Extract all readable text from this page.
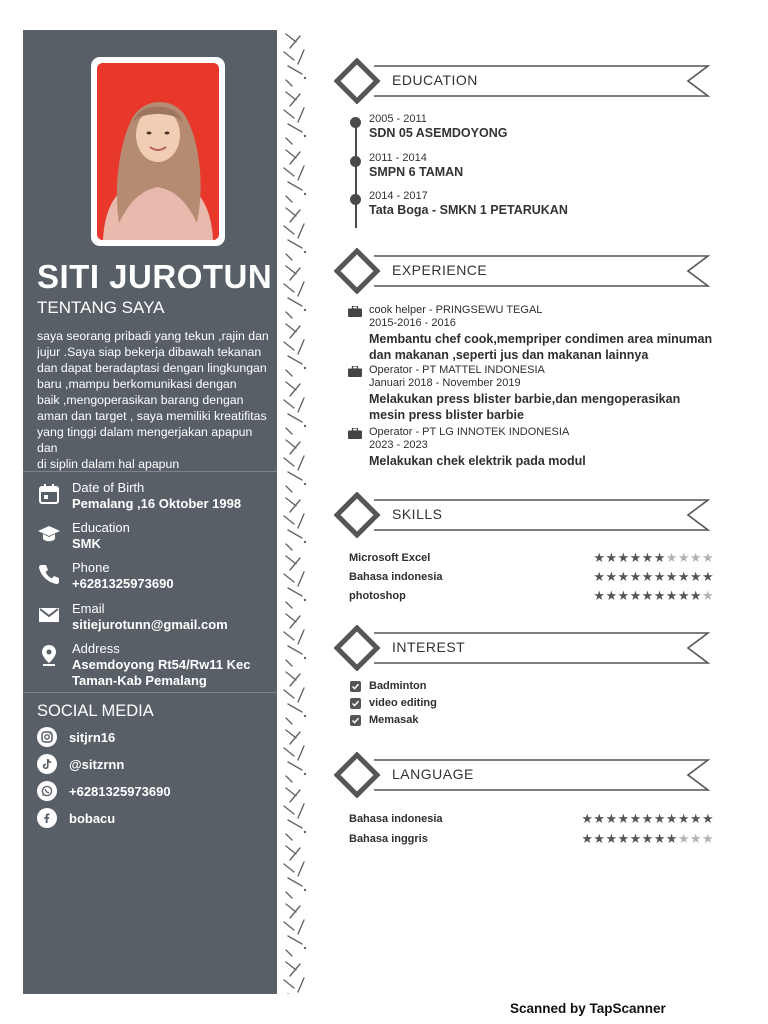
SITI JUROTUN
TENTANG SAYA
saya seorang pribadi yang tekun ,rajin dan
jujur .Saya siap bekerja dibawah tekanan
dan dapat beradaptasi dengan lingkungan
baru ,mampu berkomunikasi dengan
baik ,mengoperasikan barang dengan
aman dan target , saya memiliki kreatifitas
yang tinggi dalam mengerjakan apapun
dan
di siplin dalam hal apapun
Date of Birth
Pemalang ,16 Oktober 1998
Education
SMK
Phone
+6281325973690
Email
sitiejurotunn@gmail.com
Address
Asemdoyong Rt54/Rw11 Kec
Taman-Kab Pemalang
SOCIAL MEDIA
sitjrn16
@sitzrnn
+6281325973690
bobacu
EDUCATION
2005 - 2011
SDN 05 ASEMDOYONG
2011 - 2014
SMPN 6 TAMAN
2014 - 2017
Tata Boga - SMKN 1 PETARUKAN
EXPERIENCE
cook helper - PRINGSEWU TEGAL
2015-2016 - 2016
Membantu chef cook,mempriper condimen area minuman
dan makanan ,seperti jus dan makanan lainnya
Operator - PT MATTEL INDONESIA
Januari 2018 - November 2019
Melakukan press blister barbie,dan mengoperasikan
mesin press blister barbie
Operator - PT LG INNOTEK INDONESIA
2023 - 2023
Melakukan chek elektrik pada modul
SKILLS
Microsoft Excel	★★★★★★★★★★
Bahasa indonesia	★★★★★★★★★★
photoshop	★★★★★★★★★★
INTEREST
Badminton
video editing
Memasak
LANGUAGE
Bahasa indonesia	★★★★★★★★★★★
Bahasa inggris	★★★★★★★★★★★
Scanned by TapScanner
